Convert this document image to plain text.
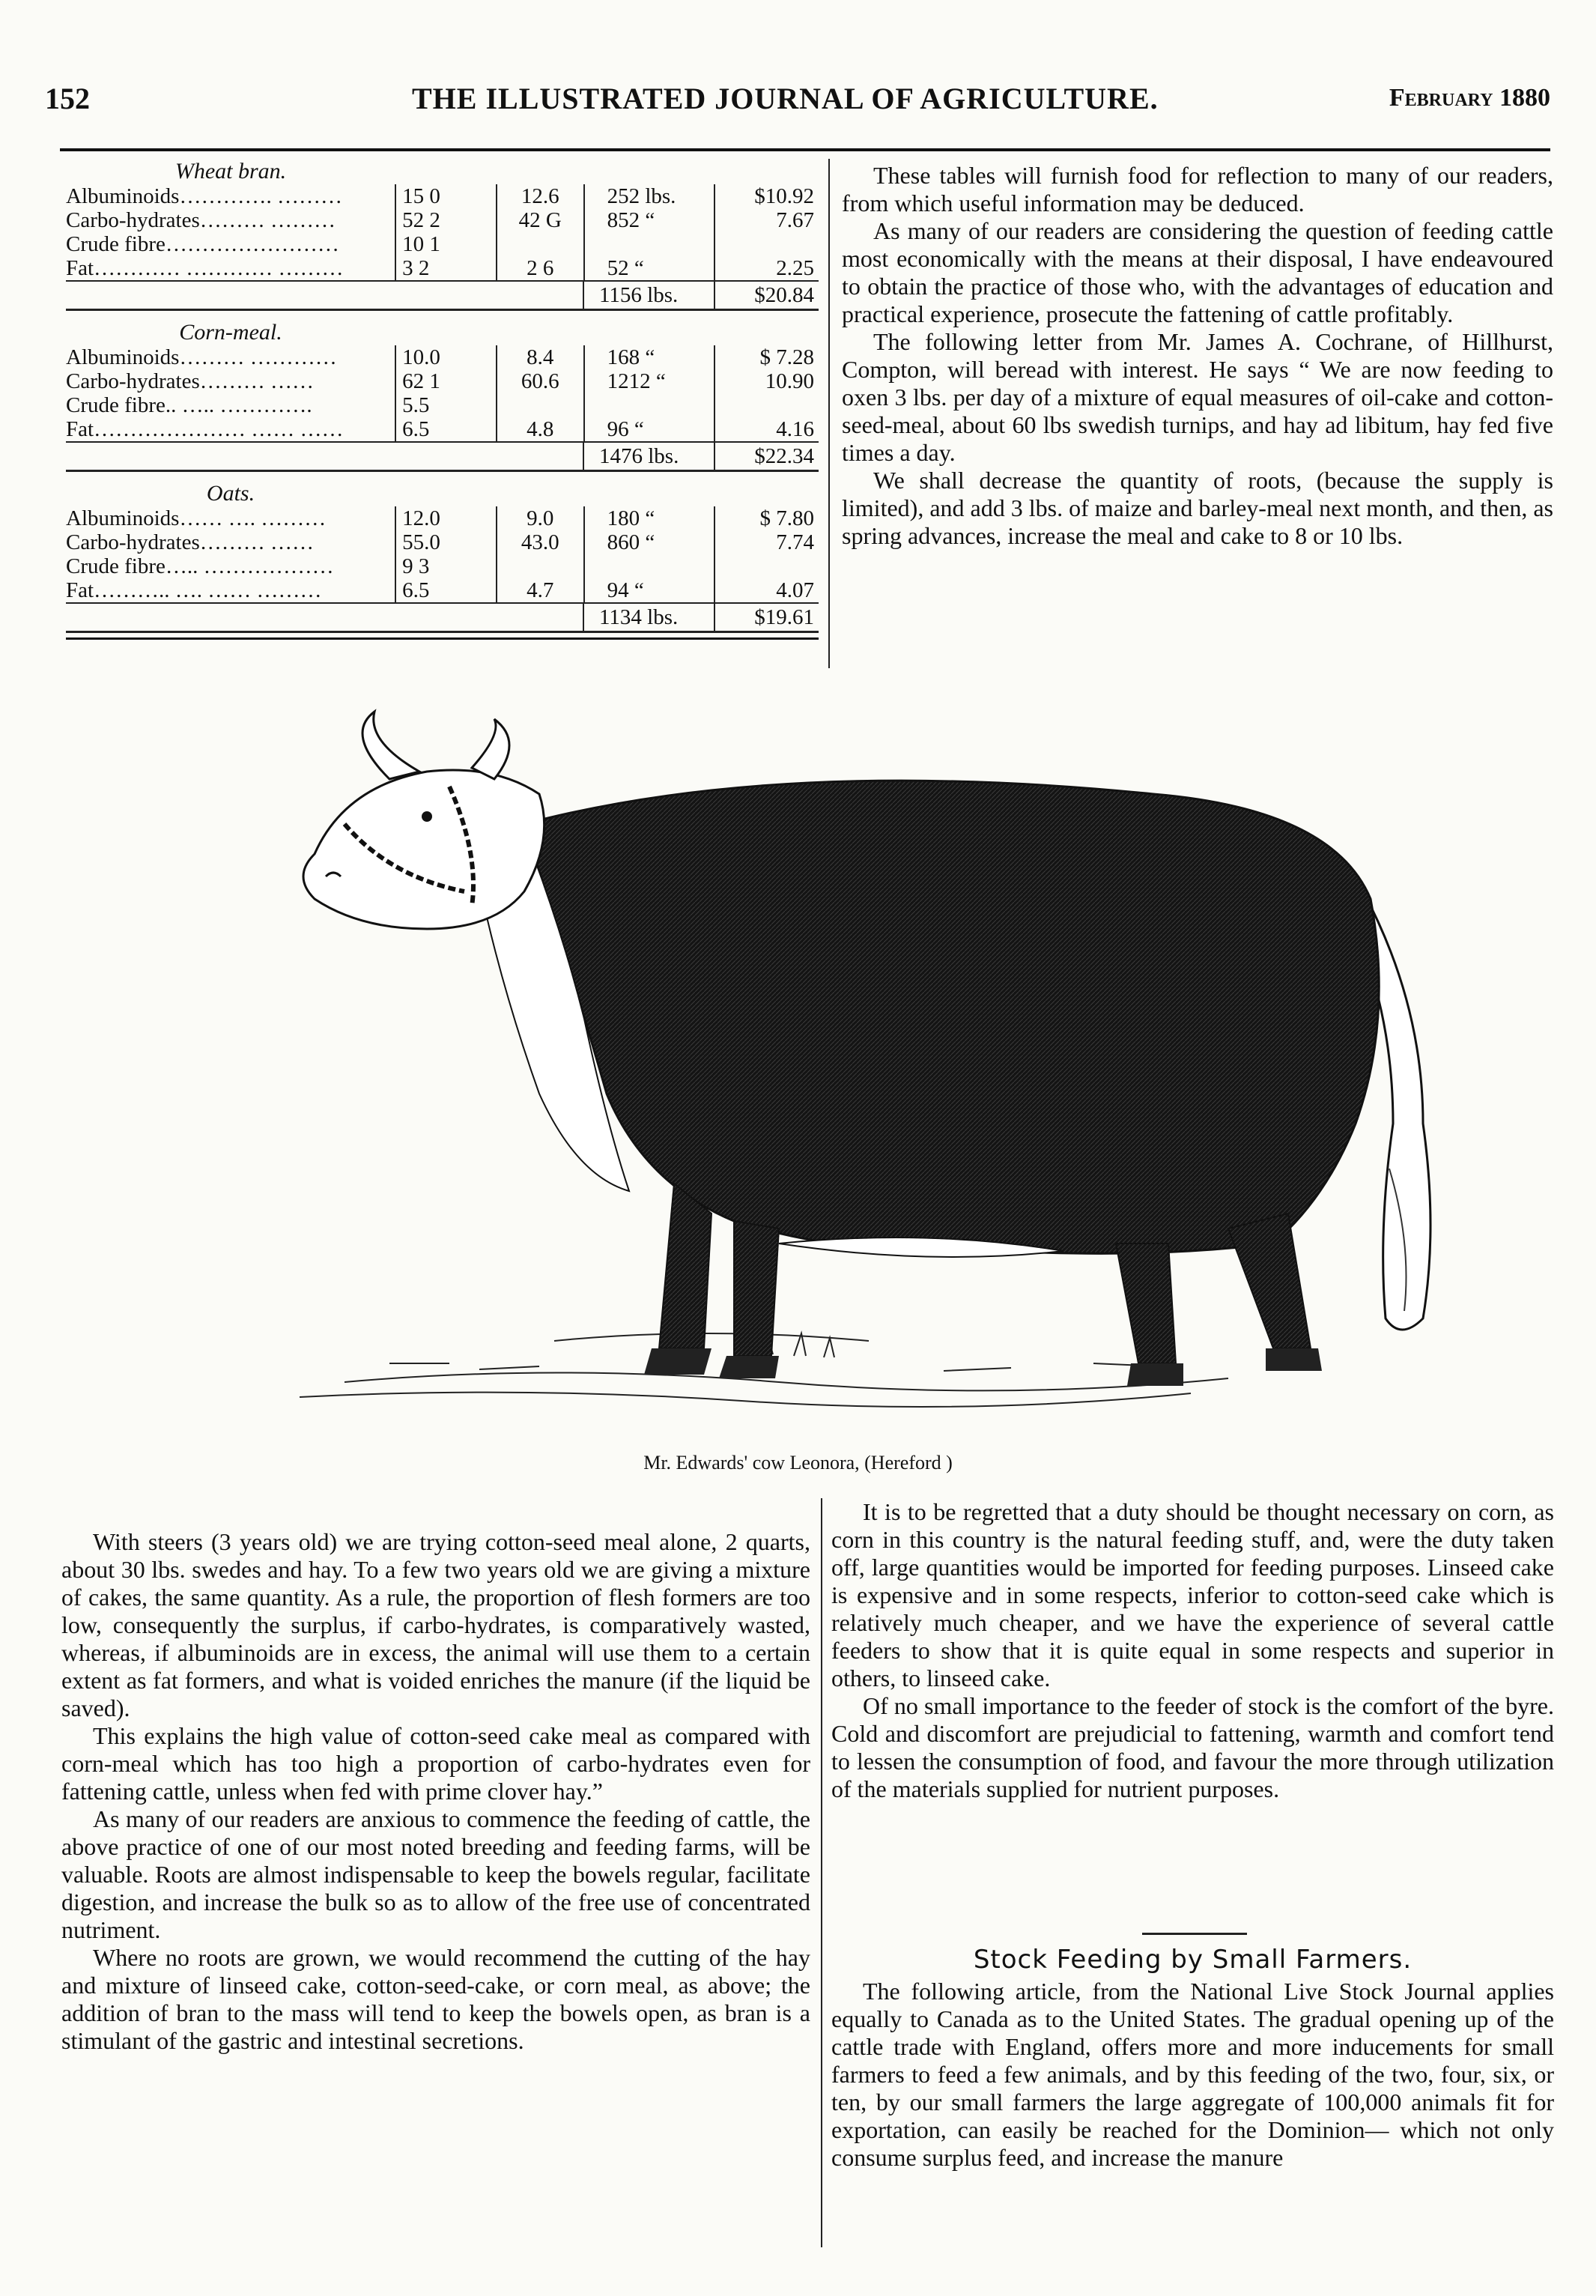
152	THE ILLUSTRATED JOURNAL OF AGRICULTURE.	February 1880
Wheat bran.
Albuminoids…………. ………	15 0	12.6	252 lbs.	$10.92
Carbo-hydrates……… ………	52 2	42 G	852 “	7.67
Crude fibre……………………	10 1
Fat………… ………… ………	3 2	2 6	52 “	2.25
1156 lbs.	$20.84
Corn-meal.
Albuminoids……… …………	10.0	8.4	168 “	$ 7.28
Carbo-hydrates……… ……	62 1	60.6	1212 “	10.90
Crude fibre.. ….. ………….	5.5
Fat………………… …… ……	6.5	4.8	96 “	4.16
1476 lbs.	$22.34
Oats.
Albuminoids…… …. ………	12.0	9.0	180 “	$ 7.80
Carbo-hydrates……… ……	55.0	43.0	860 “	7.74
Crude fibre….. ………………	9 3
Fat……….. …. …… ………	6.5	4.7	94 “	4.07
1134 lbs.	$19.61

These tables will furnish food for reflection to many of our readers, from which useful information may be deduced.

As many of our readers are considering the question of feeding cattle most economically with the means at their disposal, I have endeavoured to obtain the practice of those who, with the advantages of education and practical experience, prosecute the fattening of cattle profitably.

The following letter from Mr. James A. Cochrane, of Hillhurst, Compton, will beread with interest. He says “ We are now feeding to oxen 3 lbs. per day of a mixture of equal measures of oil-cake and cotton-seed-meal, about 60 lbs swedish turnips, and hay ad libitum, hay fed five times a day.

We shall decrease the quantity of roots, (because the supply is limited), and add 3 lbs. of maize and barley-meal next month, and then, as spring advances, increase the meal and cake to 8 or 10 lbs.

Mr. Edwards' cow Leonora, (Hereford )

With steers (3 years old) we are trying cotton-seed meal alone, 2 quarts, about 30 lbs. swedes and hay. To a few two years old we are giving a mixture of cakes, the same quantity. As a rule, the proportion of flesh formers are too low, consequently the surplus, if carbo-hydrates, is comparatively wasted, whereas, if albuminoids are in excess, the animal will use them to a certain extent as fat formers, and what is voided enriches the manure (if the liquid be saved).

This explains the high value of cotton-seed cake meal as compared with corn-meal which has too high a proportion of carbo-hydrates even for fattening cattle, unless when fed with prime clover hay.”

As many of our readers are anxious to commence the feeding of cattle, the above practice of one of our most noted breeding and feeding farms, will be valuable. Roots are almost indispensable to keep the bowels regular, facilitate digestion, and increase the bulk so as to allow of the free use of concentrated nutriment.

Where no roots are grown, we would recommend the cutting of the hay and mixture of linseed cake, cotton-seed-cake, or corn meal, as above; the addition of bran to the mass will tend to keep the bowels open, as bran is a stimulant of the gastric and intestinal secretions.

It is to be regretted that a duty should be thought necessary on corn, as corn in this country is the natural feeding stuff, and, were the duty taken off, large quantities would be imported for feeding purposes. Linseed cake is expensive and in some respects, inferior to cotton-seed cake which is relatively much cheaper, and we have the experience of several cattle feeders to show that it is quite equal in some respects and superior in others, to linseed cake.

Of no small importance to the feeder of stock is the comfort of the byre. Cold and discomfort are prejudicial to fattening, warmth and comfort tend to lessen the consumption of food, and favour the more through utilization of the materials supplied for nutrient purposes.

Stock Feeding by Small Farmers.

The following article, from the National Live Stock Journal applies equally to Canada as to the United States. The gradual opening up of the cattle trade with England, offers more and more inducements for small farmers to feed a few animals, and by this feeding of the two, four, six, or ten, by our small farmers the large aggregate of 100,000 animals fit for exportation, can easily be reached for the Dominion— which not only consume surplus feed, and increase the manure
